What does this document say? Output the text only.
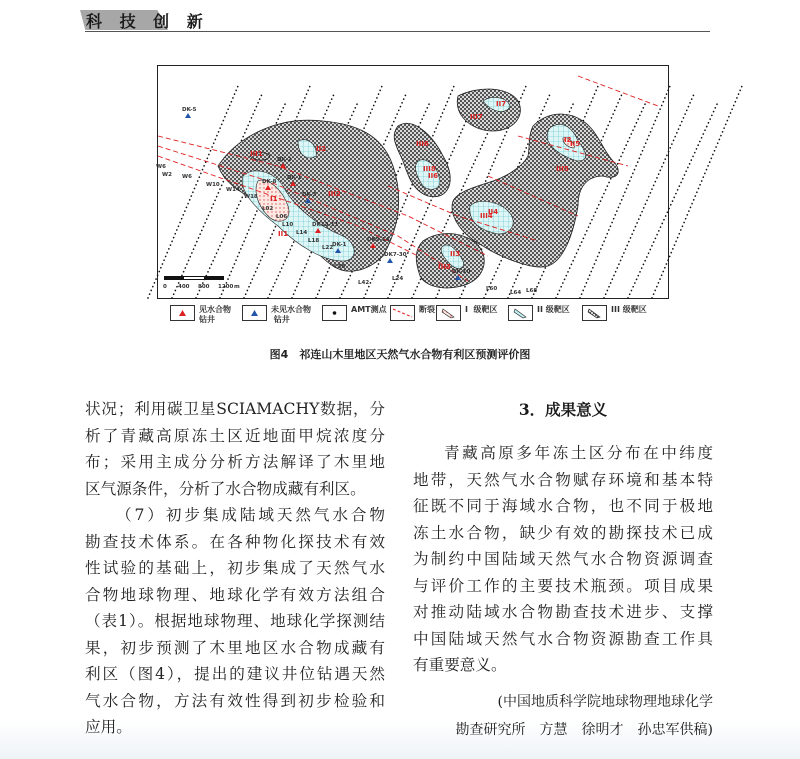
科 技 创 新
DK-5
DK-2
DK-8
DK-1
DK-3
DK13-11
DK9-14
DK-1
DK7-30
DK-10
III1
III2
III3
III4
III5
III6
III7
III8
II1
II2
II3
II4
II5
II6
II7
I1
I2
W6
W2 W6
W10
W14
W18
L02
L06
L10
L14
L18
L22
L38
L42
L24
L60
L64 L68
0 400 800 1200 m
见水合物
钻井
未见水合物
钻井
AMT测点	断裂	I  级靶区	II 级靶区	III 级靶区
图4　祁连山木里地区天然气水合物有利区预测评价图
状况；利用碳卫星SCIAMACHY数据，分
析了青藏高原冻土区近地面甲烷浓度分
布；采用主成分分析方法解译了木里地
区气源条件，分析了水合物成藏有利区。
（7）初步集成陆域天然气水合物
勘查技术体系。在各种物化探技术有效
性试验的基础上，初步集成了天然气水
合物地球物理、地球化学有效方法组合
（表1）。根据地球物理、地球化学探测结
果，初步预测了木里地区水合物成藏有
利区（图4），提出的建议井位钻遇天然
气水合物，方法有效性得到初步检验和
应用。
3．成果意义
青藏高原多年冻土区分布在中纬度
地带，天然气水合物赋存环境和基本特
征既不同于海域水合物，也不同于极地
冻土水合物，缺少有效的勘探技术已成
为制约中国陆域天然气水合物资源调查
与评价工作的主要技术瓶颈。项目成果
对推动陆域水合物勘查技术进步、支撑
中国陆域天然气水合物资源勘查工作具
有重要意义。
(中国地质科学院地球物理地球化学
勘查研究所　方慧　徐明才　孙忠军供稿)
